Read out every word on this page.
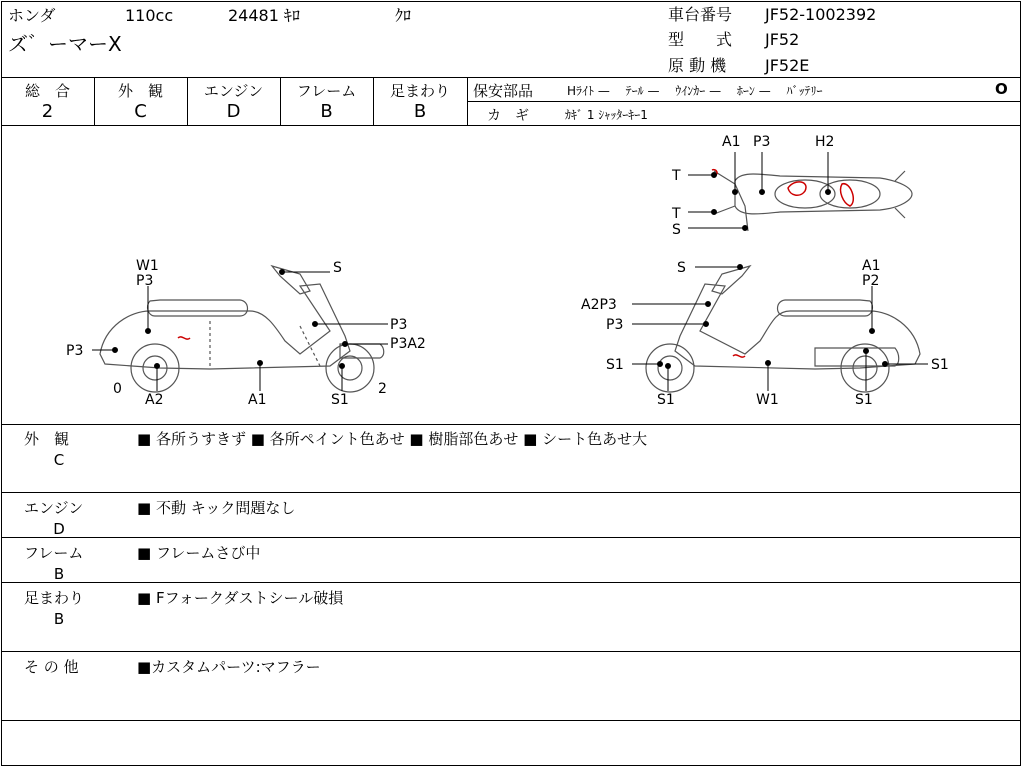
ホンダ	110cc	24481 ｷﾛ	ｸﾛ
ズ゛ーマーX
車台番号 JF52-1002392
型　　式 JF52
原 動 機 JF52E
総　合
2
外　観
C
エンジン
D
フレーム
B
足まわり
B
保安部品	Hﾗｲﾄ —　 ﾃｰﾙ —　 ｳｲﾝｶｰ —　 ﾎｰﾝ —　 ﾊﾞｯﾃﾘｰ	O
カ　ギ	ｶｷﾞ 1 ｼｬｯﾀｰｷｰ1
W1
P3
S
P3
P3A2
P3
0	2
A2	A1	S1
S	A1
P2
A2P3
P3
S1	S1
S1	W1	S1
A1 P3	H2
T
T
S
外　観
C
■ 各所うすきず ■ 各所ペイント色あせ ■ 樹脂部色あせ ■ シート色あせ大
エンジン
D
■ 不動 キック問題なし
フレーム
B
■ フレームさび中
足まわり
B
■ Fフォークダストシール破損
そ の 他	■カスタムパーツ:マフラー
